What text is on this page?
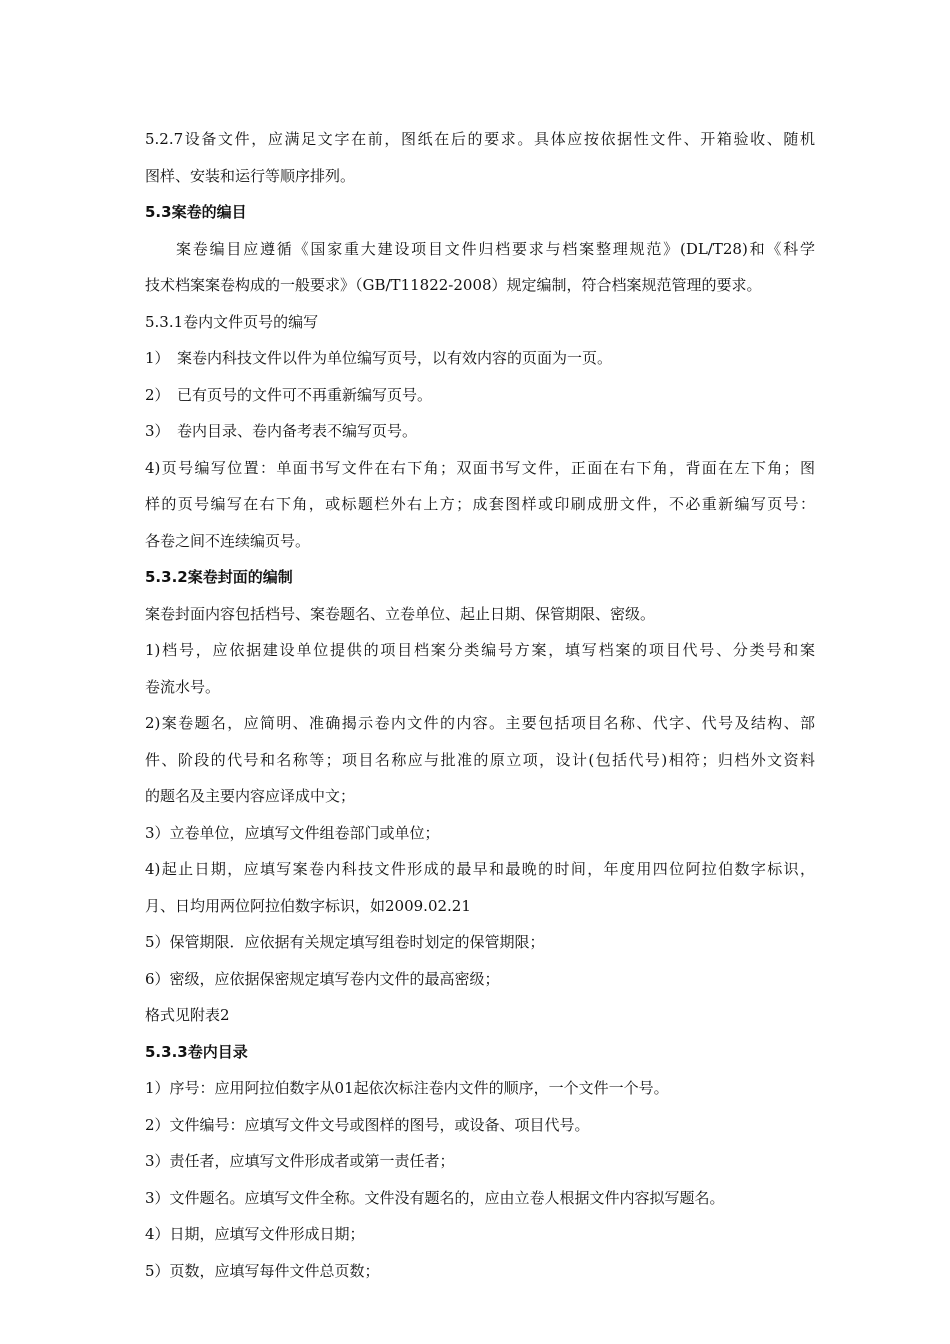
5.2.7设备文件，应满足文字在前，图纸在后的要求。具体应按依据性文件、开箱验收、随机
图样、安装和运行等顺序排列。
5.3案卷的编目
案卷编目应遵循《国家重大建设项目文件归档要求与档案整理规范》(DL/T28)和《科学
技术档案案卷构成的一般要求》（GB/T11822-2008）规定编制，符合档案规范管理的要求。
5.3.1卷内文件页号的编写
1）　案卷内科技文件以件为单位编写页号，以有效内容的页面为一页。
2）　已有页号的文件可不再重新编写页号。
3）　卷内目录、卷内备考表不编写页号。
4)页号编写位置：单面书写文件在右下角；双面书写文件，正面在右下角，背面在左下角；图
样的页号编写在右下角，或标题栏外右上方；成套图样或印刷成册文件，不必重新编写页号：
各卷之间不连续编页号。
5.3.2案卷封面的编制
案卷封面内容包括档号、案卷题名、立卷单位、起止日期、保管期限、密级。
1)档号，应依据建设单位提供的项目档案分类编号方案，填写档案的项目代号、分类号和案
卷流水号。
2)案卷题名，应简明、准确揭示卷内文件的内容。主要包括项目名称、代字、代号及结构、部
件、阶段的代号和名称等；项目名称应与批准的原立项，设计(包括代号)相符；归档外文资料
的题名及主要内容应译成中文；
3）立卷单位，应填写文件组卷部门或单位；
4)起止日期，应填写案卷内科技文件形成的最早和最晚的时间，年度用四位阿拉伯数字标识，
月、日均用两位阿拉伯数字标识，如2009.02.21
5）保管期限．应依据有关规定填写组卷时划定的保管期限；
6）密级，应依据保密规定填写卷内文件的最高密级；
格式见附表2
5.3.3卷内目录
1）序号：应用阿拉伯数字从01起依次标注卷内文件的顺序，一个文件一个号。
2）文件编号：应填写文件文号或图样的图号，或设备、项目代号。
3）责任者，应填写文件形成者或第一责任者；
3）文件题名。应填写文件全称。文件没有题名的，应由立卷人根据文件内容拟写题名。
4）日期，应填写文件形成日期；
5）页数，应填写每件文件总页数；
